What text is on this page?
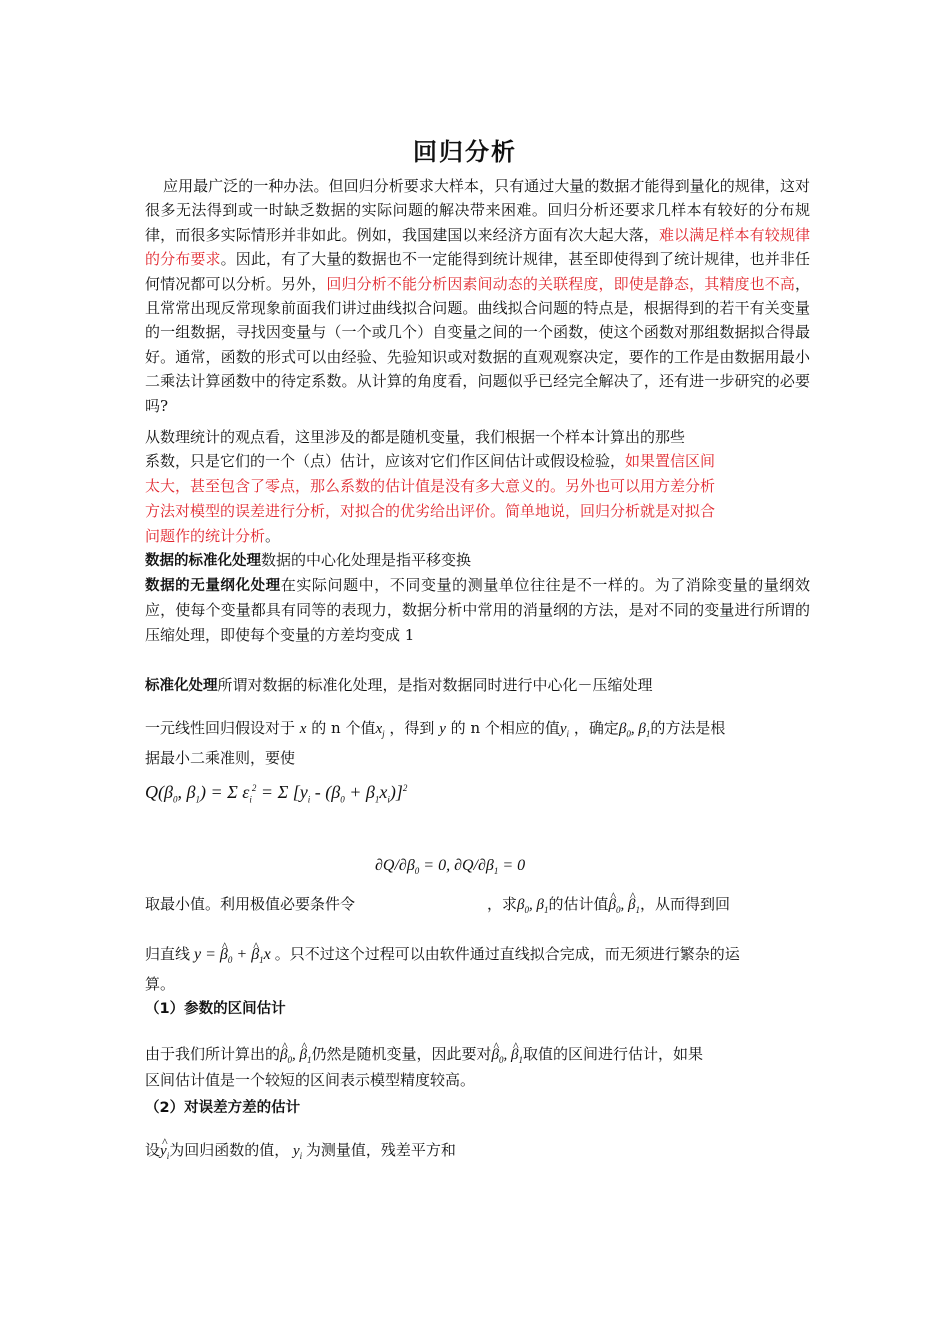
回归分析
应用最广泛的一种办法。但回归分析要求大样本，只有通过大量的数据才能得到量化的规律，这对很多无法得到或一时缺乏数据的实际问题的解决带来困难。回归分析还要求几样本有较好的分布规律，而很多实际情形并非如此。例如，我国建国以来经济方面有次大起大落，难以满足样本有较规律的分布要求。因此，有了大量的数据也不一定能得到统计规律，甚至即使得到了统计规律，也并非任何情况都可以分析。另外，回归分析不能分析因素间动态的关联程度，即使是静态，其精度也不高，且常常出现反常现象前面我们讲过曲线拟合问题。曲线拟合问题的特点是，根据得到的若干有关变量的一组数据，寻找因变量与（一个或几个）自变量之间的一个函数，使这个函数对那组数据拟合得最好。通常，函数的形式可以由经验、先验知识或对数据的直观观察决定，要作的工作是由数据用最小二乘法计算函数中的待定系数。从计算的角度看，问题似乎已经完全解决了，还有进一步研究的必要吗?
从数理统计的观点看，这里涉及的都是随机变量，我们根据一个样本计算出的那些
系数，只是它们的一个（点）估计，应该对它们作区间估计或假设检验，如果置信区间
太大，甚至包含了零点，那么系数的估计值是没有多大意义的。另外也可以用方差分析
方法对模型的误差进行分析，对拟合的优劣给出评价。简单地说，回归分析就是对拟合
问题作的统计分析。
数据的标准化处理数据的中心化处理是指平移变换
数据的无量纲化处理在实际问题中，不同变量的测量单位往往是不一样的。为了消除变量的量纲效应，使每个变量都具有同等的表现力，数据分析中常用的消量纲的方法，是对不同的变量进行所谓的压缩处理，即使每个变量的方差均变成 1
标准化处理所谓对数据的标准化处理，是指对数据同时进行中心化－压缩处理
一元线性回归假设对于 x 的 n 个值$x_j$ ，得到 y 的 n 个相应的值$y_i$ ，确定$\beta_0$, $\beta_1$的方法是根
据最小二乘准则，要使
$Q(\beta_0$, $\beta_1) = \Sigma$ $\varepsilon_i^2 = \Sigma$ $[y_i - (\beta_0 + \beta_1x_i)]^2$
$\partial Q/\partial\beta_0 = 0$, $\partial Q/\partial\beta_1 = 0$
取最小值。利用极值必要条件令	，求$\beta_0$, $\beta_1$的估计值^ $\beta_0$, ^ $\beta_1$，从而得到回
归直线 y = ^ $\beta_0$ + ^ $\beta_1x$ 。只不过这个过程可以由软件通过直线拟合完成，而无须进行繁杂的运
算。
（1）参数的区间估计
由于我们所计算出的^ $\beta_0$, ^ $\beta_1$仍然是随机变量，因此要对^ $\beta_0$, ^ $\beta_1$取值的区间进行估计，如果
区间估计值是一个较短的区间表示模型精度较高。
（2）对误差方差的估计
设^ $y_i$为回归函数的值， $y_i$ 为测量值，残差平方和
